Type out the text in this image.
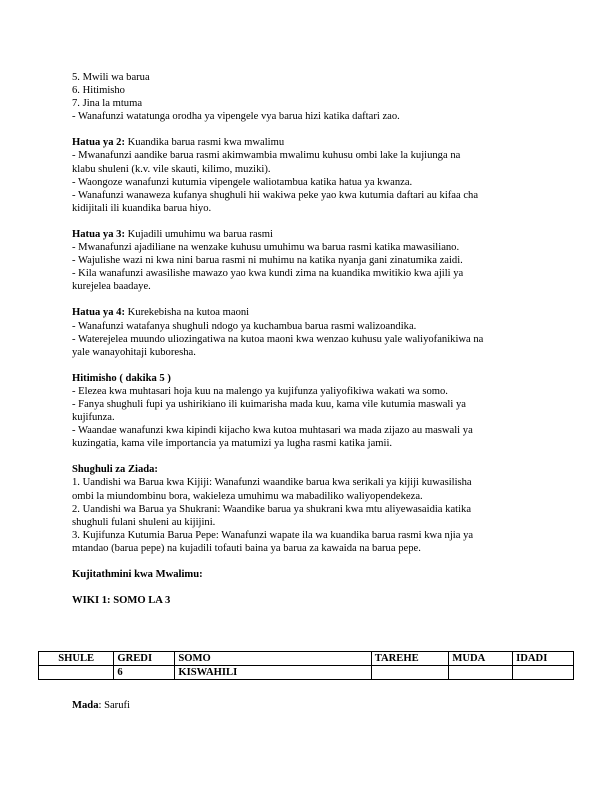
5. Mwili wa barua
6. Hitimisho
7. Jina la mtuma
- Wanafunzi watatunga orodha ya vipengele vya barua hizi katika daftari zao.
Hatua ya 2: Kuandika barua rasmi kwa mwalimu
- Mwanafunzi aandike barua rasmi akimwambia mwalimu kuhusu ombi lake la kujiunga na
klabu shuleni (k.v. vile skauti, kilimo, muziki).
- Waongoze wanafunzi kutumia vipengele waliotambua katika hatua ya kwanza.
- Wanafunzi wanaweza kufanya shughuli hii wakiwa peke yao kwa kutumia daftari au kifaa cha
kidijitali ili kuandika barua hiyo.
Hatua ya 3: Kujadili umuhimu wa barua rasmi
- Mwanafunzi ajadiliane na wenzake kuhusu umuhimu wa barua rasmi katika mawasiliano.
- Wajulishe wazi ni kwa nini barua rasmi ni muhimu na katika nyanja gani zinatumika zaidi.
- Kila wanafunzi awasilishe mawazo yao kwa kundi zima na kuandika mwitikio kwa ajili ya
kurejelea baadaye.
Hatua ya 4: Kurekebisha na kutoa maoni
- Wanafunzi watafanya shughuli ndogo ya kuchambua barua rasmi walizoandika.
- Waterejelea muundo uliozingatiwa na kutoa maoni kwa wenzao kuhusu yale waliyofanikiwa na
yale wanayohitaji kuboresha.
Hitimisho ( dakika 5 )
- Elezea kwa muhtasari hoja kuu na malengo ya kujifunza yaliyofikiwa wakati wa somo.
- Fanya shughuli fupi ya ushirikiano ili kuimarisha mada kuu, kama vile kutumia maswali ya
kujifunza.
- Waandae wanafunzi kwa kipindi kijacho kwa kutoa muhtasari wa mada zijazo au maswali ya
kuzingatia, kama vile importancia ya matumizi ya lugha rasmi katika jamii.
Shughuli za Ziada:
1. Uandishi wa Barua kwa Kijiji: Wanafunzi waandike barua kwa serikali ya kijiji kuwasilisha
ombi la miundombinu bora, wakieleza umuhimu wa mabadiliko waliyopendekeza.
2. Uandishi wa Barua ya Shukrani: Waandike barua ya shukrani kwa mtu aliyewasaidia katika
shughuli fulani shuleni au kijijini.
3. Kujifunza Kutumia Barua Pepe: Wanafunzi wapate ila wa kuandika barua rasmi kwa njia ya
mtandao (barua pepe) na kujadili tofauti baina ya barua za kawaida na barua pepe.
Kujitathmini kwa Mwalimu:
WIKI 1: SOMO LA 3
SHULE	GREDI	SOMO	TAREHE	MUDA	IDADI
	6	KISWAHILI			
Mada: Sarufi
